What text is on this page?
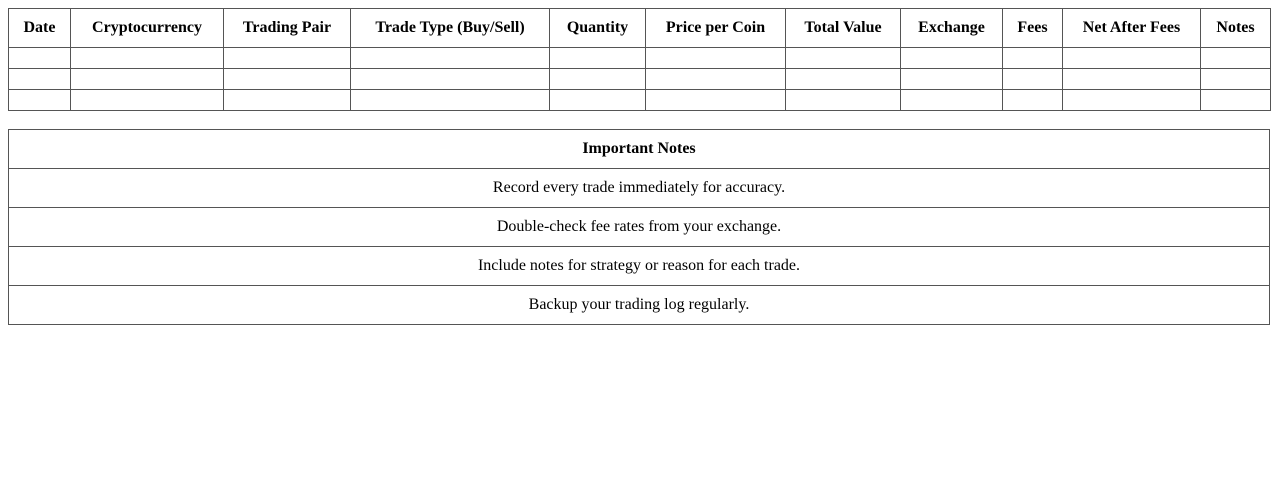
Date	Cryptocurrency	Trading Pair	Trade Type (Buy/Sell)	Quantity	Price per Coin	Total Value	Exchange	Fees	Net After Fees	Notes

Important Notes
Record every trade immediately for accuracy.
Double-check fee rates from your exchange.
Include notes for strategy or reason for each trade.
Backup your trading log regularly.
